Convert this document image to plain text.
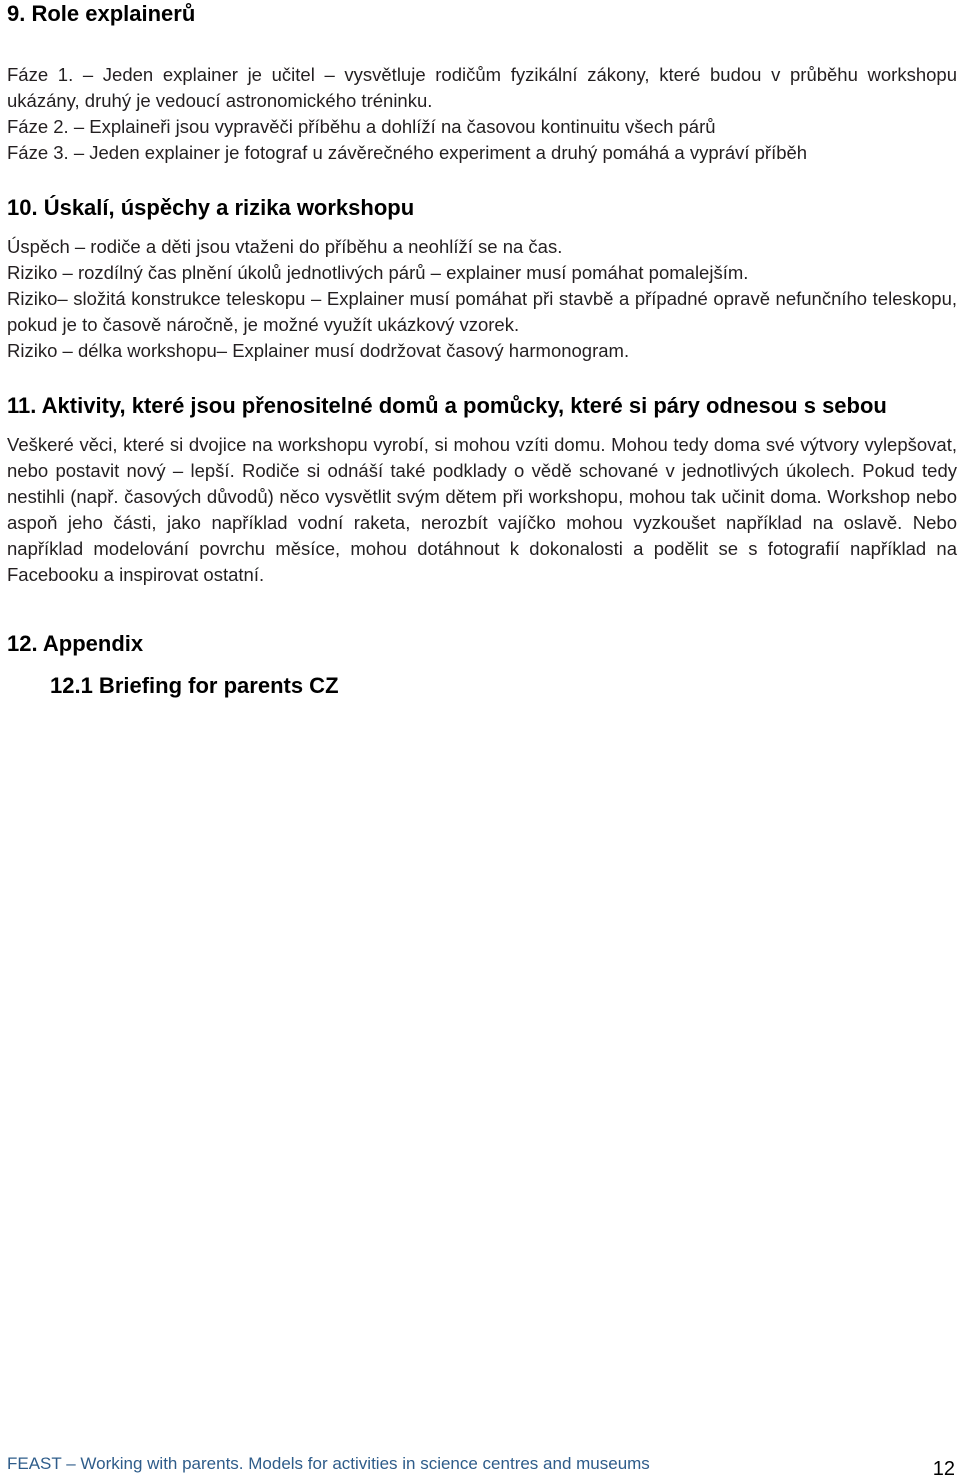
9. Role explainerů

Fáze 1. – Jeden explainer je učitel – vysvětluje rodičům fyzikální zákony, které budou v průběhu workshopu ukázány, druhý je vedoucí astronomického tréninku.

Fáze 2. – Explaineři jsou vypravěči příběhu a dohlíží na časovou kontinuitu všech párů

Fáze 3. – Jeden explainer je fotograf u závěrečného experiment a druhý pomáhá a vypráví příběh

10. Úskalí, úspěchy a rizika workshopu

Úspěch – rodiče a děti jsou vtaženi do příběhu a neohlíží se na čas.

Riziko – rozdílný čas plnění úkolů jednotlivých párů – explainer musí pomáhat pomalejším.

Riziko– složitá konstrukce teleskopu – Explainer musí pomáhat při stavbě a případné opravě nefunčního teleskopu, pokud je to časově náročně, je možné využít ukázkový vzorek.

Riziko – délka workshopu– Explainer musí dodržovat časový harmonogram.

11. Aktivity, které jsou přenositelné domů a pomůcky, které si páry odnesou s sebou

Veškeré věci, které si dvojice na workshopu vyrobí, si mohou vzíti domu. Mohou tedy doma své výtvory vylepšovat, nebo postavit nový – lepší. Rodiče si odnáší také podklady o vědě schované v jednotlivých úkolech. Pokud tedy nestihli (např. časových důvodů) něco vysvětlit svým dětem při workshopu, mohou tak učinit doma. Workshop nebo aspoň jeho části, jako například vodní raketa, nerozbít vajíčko mohou vyzkoušet například na oslavě. Nebo například modelování povrchu měsíce, mohou dotáhnout k dokonalosti a podělit se s fotografií například na Facebooku a inspirovat ostatní.

12. Appendix
12.1 Briefing for parents CZ
FEAST – Working with parents. Models for activities in science centres and museums	12
